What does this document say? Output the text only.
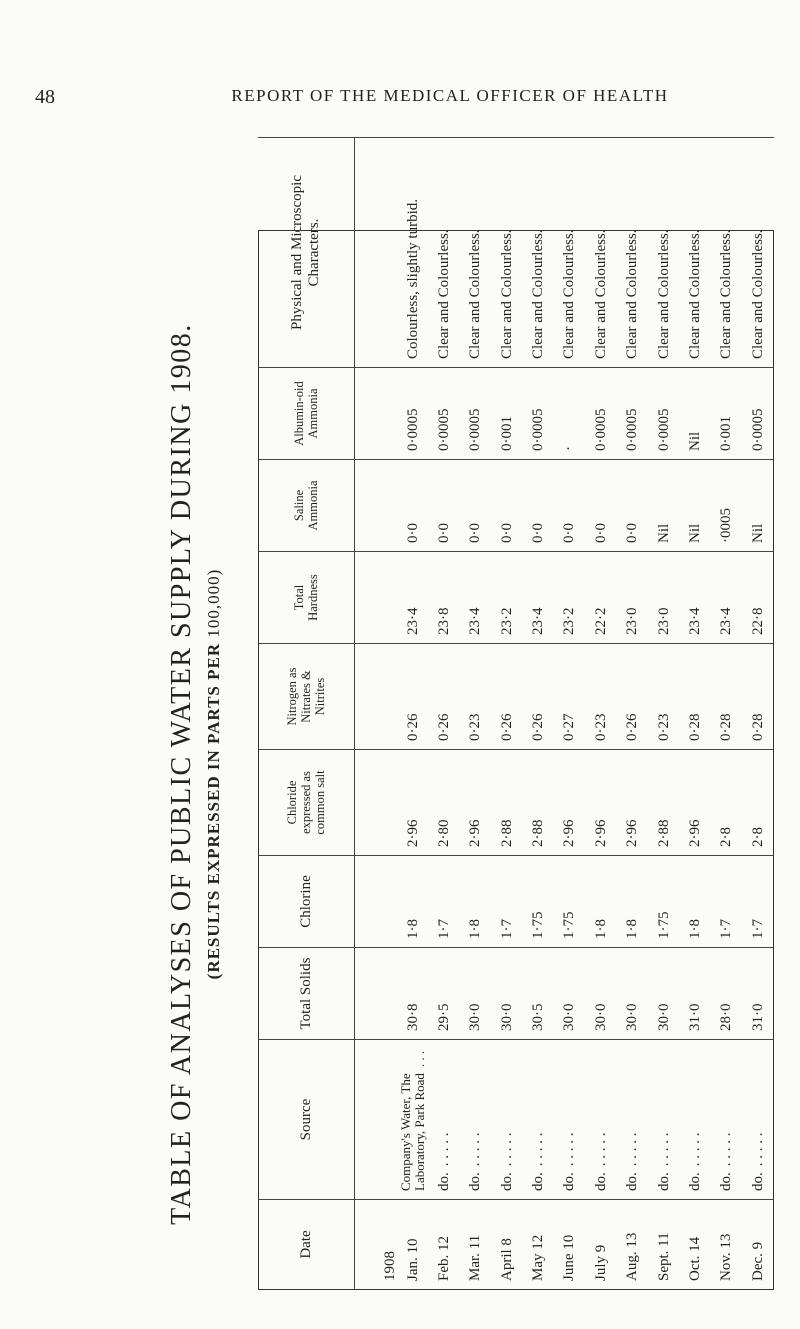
48	REPORT OF THE MEDICAL OFFICER OF HEALTH
TABLE OF ANALYSES OF PUBLIC WATER SUPPLY DURING 1908. (RESULTS EXPRESSED IN PARTS PER 100,000)
Date	Source	Total Solids	Chlorine	Chloride expressed as common salt	Nitrogen as Nitrates & Nitrites	Total Hardness	Saline Ammonia	Albumin-oid Ammonia	Physical and Microscopic Characters.
1908									
Jan. 10	Company's Water, The Laboratory, Park Road. . .	30·8	1·8	2·96	0·26	23·4	0·0	0·0005	Colourless, slightly turbid.
Feb. 12	do.. . . . .	29·5	1·7	2·80	0·26	23·8	0·0	0·0005	Clear and Colourless.
Mar. 11	do.. . . . .	30·0	1·8	2·96	0·23	23·4	0·0	0·0005	Clear and Colourless.
April 8	do.. . . . .	30·0	1·7	2·88	0·26	23·2	0·0	0·001	Clear and Colourless.
May 12	do.. . . . .	30·5	1·75	2·88	0·26	23·4	0·0	0·0005	Clear and Colourless.
June 10	do.. . . . .	30·0	1·75	2·96	0·27	23·2	0·0	·	Clear and Colourless.
July 9	do.. . . . .	30·0	1·8	2·96	0·23	22·2	0·0	0·0005	Clear and Colourless.
Aug. 13	do.. . . . .	30·0	1·8	2·96	0·26	23·0	0·0	0·0005	Clear and Colourless.
Sept. 11	do.. . . . .	30·0	1·75	2·88	0·23	23·0	Nil	0·0005	Clear and Colourless.
Oct. 14	do.. . . . .	31·0	1·8	2·96	0·28	23·4	Nil	Nil	Clear and Colourless.
Nov. 13	do.. . . . .	28·0	1·7	2·8	0·28	23·4	·0005	0·001	Clear and Colourless.
Dec. 9	do.. . . . .	31·0	1·7	2·8	0·28	22·8	Nil	0·0005	Clear and Colourless.
